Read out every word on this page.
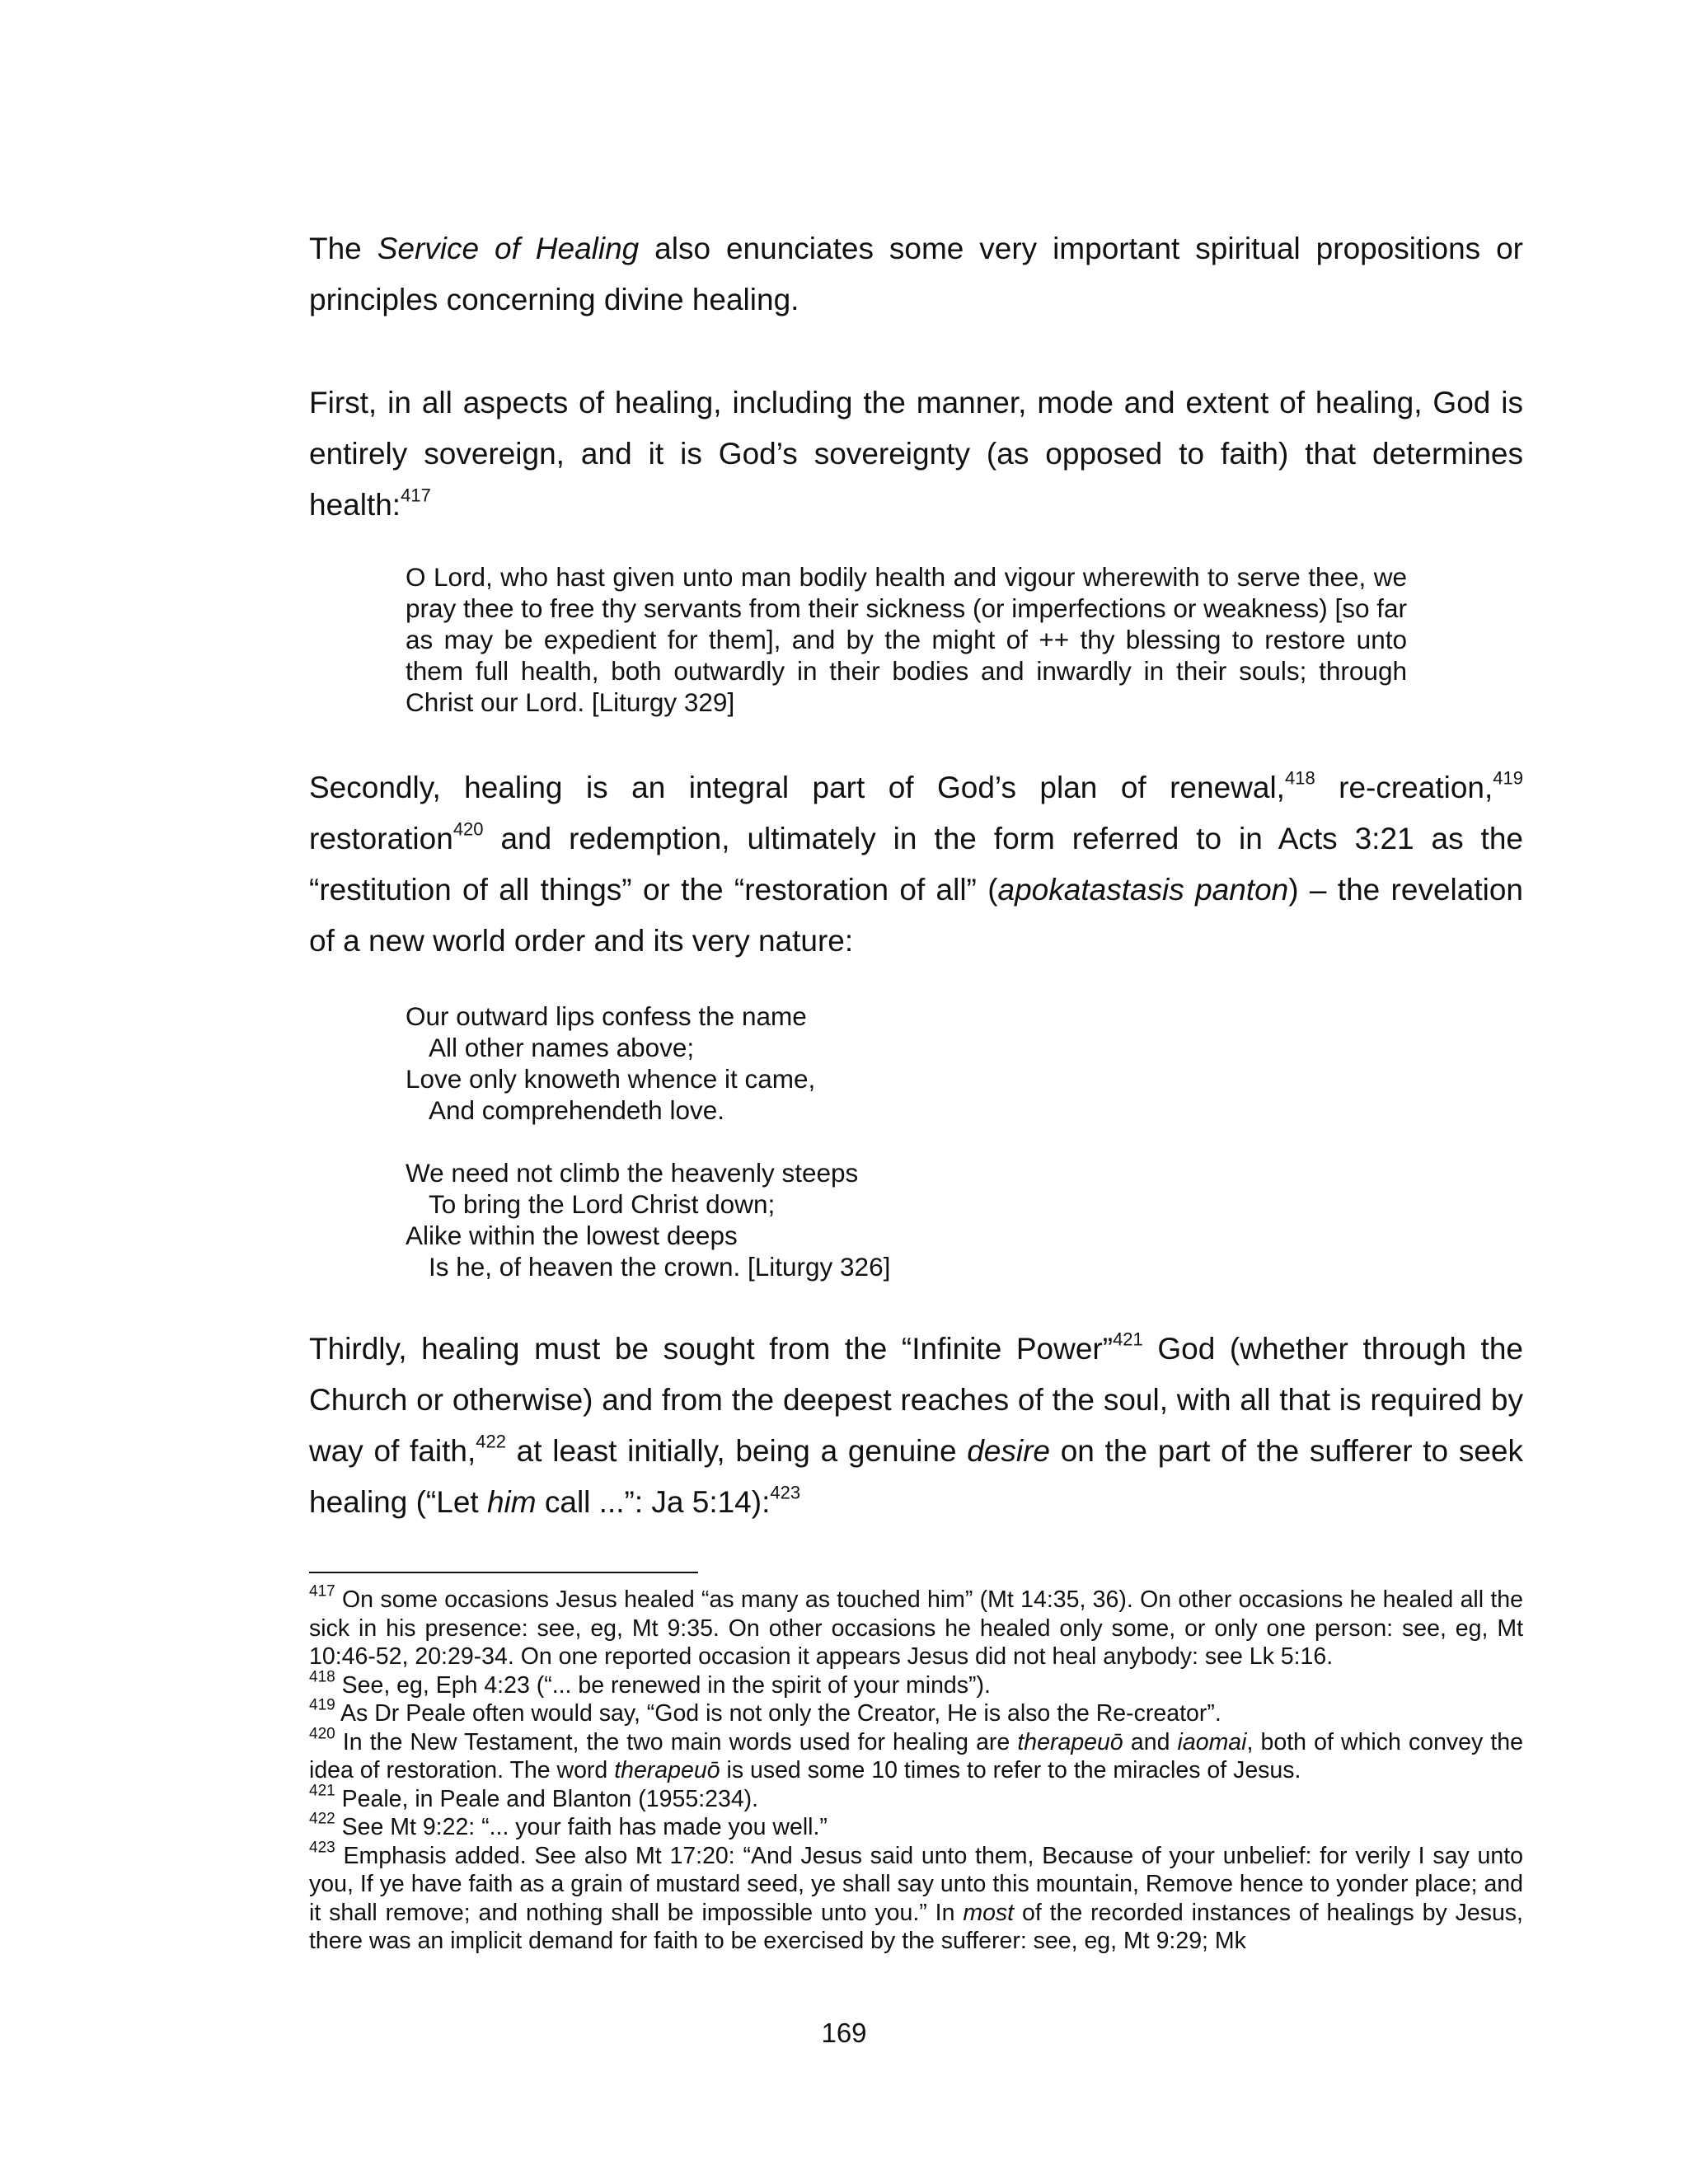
The Service of Healing also enunciates some very important spiritual propositions or principles concerning divine healing.

First, in all aspects of healing, including the manner, mode and extent of healing, God is entirely sovereign, and it is God’s sovereignty (as opposed to faith) that determines health:$^{417}$

O Lord, who hast given unto man bodily health and vigour wherewith to serve thee, we pray thee to free thy servants from their sickness (or imperfections or weakness) [so far as may be expedient for them], and by the might of ++ thy blessing to restore unto them full health, both outwardly in their bodies and inwardly in their souls; through Christ our Lord. [Liturgy 329]

Secondly, healing is an integral part of God’s plan of renewal,$^{418}$ re-creation,$^{419}$ restoration$^{420}$ and redemption, ultimately in the form referred to in Acts 3:21 as the “restitution of all things” or the “restoration of all” (apokatastasis panton) – the revelation of a new world order and its very nature:

Our outward lips confess the name
All other names above;
Love only knoweth whence it came,
And comprehendeth love.
We need not climb the heavenly steeps
To bring the Lord Christ down;
Alike within the lowest deeps
Is he, of heaven the crown. [Liturgy 326]

Thirdly, healing must be sought from the “Infinite Power”$^{421}$ God (whether through the Church or otherwise) and from the deepest reaches of the soul, with all that is required by way of faith,$^{422}$ at least initially, being a genuine desire on the part of the sufferer to seek healing (“Let him call ...”: Ja 5:14):$^{423}$

$^{417}$ On some occasions Jesus healed “as many as touched him” (Mt 14:35, 36). On other occasions he healed all the sick in his presence: see, eg, Mt 9:35. On other occasions he healed only some, or only one person: see, eg, Mt 10:46-52, 20:29-34. On one reported occasion it appears Jesus did not heal anybody: see Lk 5:16.

$^{418}$ See, eg, Eph 4:23 (“... be renewed in the spirit of your minds”).

$^{419}$ As Dr Peale often would say, “God is not only the Creator, He is also the Re-creator”.

$^{420}$ In the New Testament, the two main words used for healing are therapeuō and iaomai, both of which convey the idea of restoration. The word therapeuō is used some 10 times to refer to the miracles of Jesus.

$^{421}$ Peale, in Peale and Blanton (1955:234).

$^{422}$ See Mt 9:22: “... your faith has made you well.”

$^{423}$ Emphasis added. See also Mt 17:20: “And Jesus said unto them, Because of your unbelief: for verily I say unto you, If ye have faith as a grain of mustard seed, ye shall say unto this mountain, Remove hence to yonder place; and it shall remove; and nothing shall be impossible unto you.” In most of the recorded instances of healings by Jesus, there was an implicit demand for faith to be exercised by the sufferer: see, eg, Mt 9:29; Mk

169
